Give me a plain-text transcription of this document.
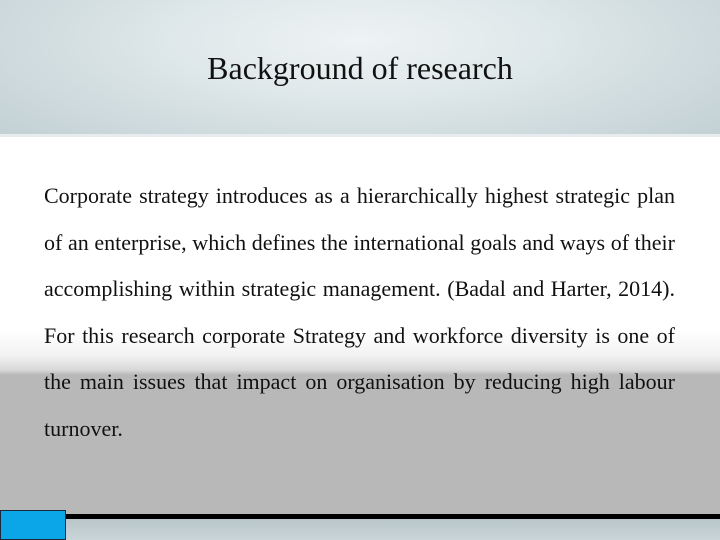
Background of research

Corporate strategy introduces as a hierarchically highest strategic plan of an enterprise, which defines the international goals and ways of their accomplishing within strategic management. (Badal and Harter, 2014). For this research corporate Strategy and workforce diversity is one of the main issues that impact on organisation by reducing high labour turnover.
